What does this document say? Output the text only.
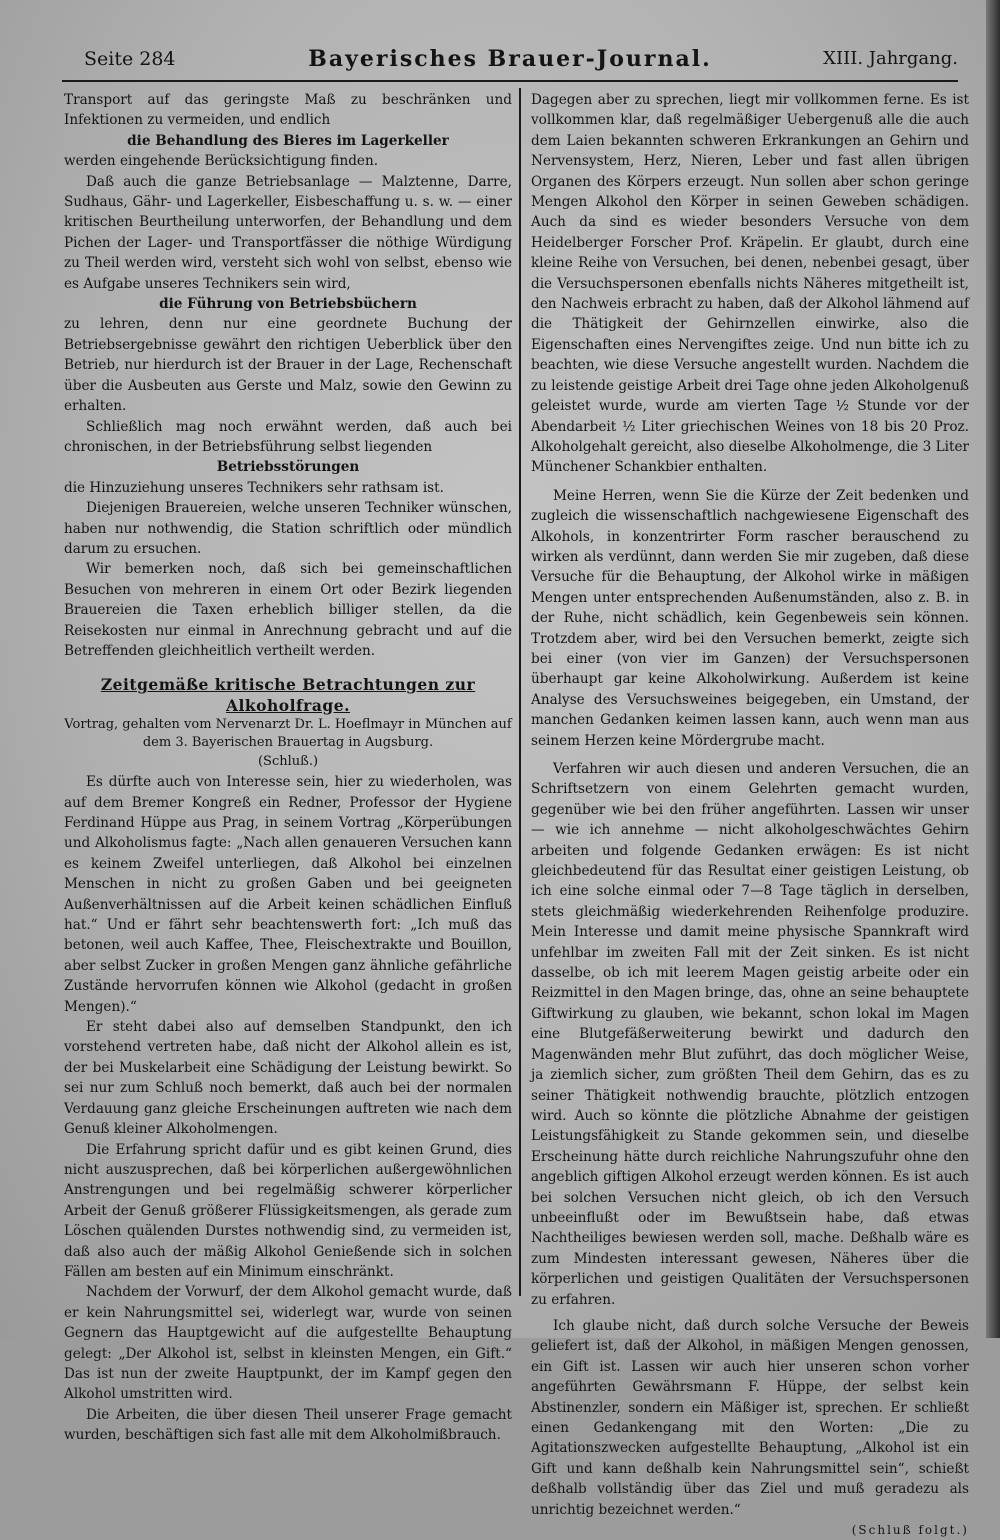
Seite 284	Bayerisches Brauer-Journal.	XIII. Jahrgang.

Transport auf das geringste Maß zu beschränken und Infektionen zu vermeiden, und endlich

die Behandlung des Bieres im Lagerkeller

werden eingehende Berücksichtigung finden.

Daß auch die ganze Betriebsanlage — Malztenne, Darre, Sudhaus, Gähr- und Lagerkeller, Eisbeschaffung u. s. w. — einer kritischen Beurtheilung unterworfen, der Behandlung und dem Pichen der Lager- und Transportfässer die nöthige Würdigung zu Theil werden wird, versteht sich wohl von selbst, ebenso wie es Aufgabe unseres Technikers sein wird,

die Führung von Betriebsbüchern

zu lehren, denn nur eine geordnete Buchung der Betriebsergebnisse gewährt den richtigen Ueberblick über den Betrieb, nur hierdurch ist der Brauer in der Lage, Rechenschaft über die Ausbeuten aus Gerste und Malz, sowie den Gewinn zu erhalten.

Schließlich mag noch erwähnt werden, daß auch bei chronischen, in der Betriebsführung selbst liegenden

Betriebsstörungen

die Hinzuziehung unseres Technikers sehr rathsam ist.

Diejenigen Brauereien, welche unseren Techniker wünschen, haben nur nothwendig, die Station schriftlich oder mündlich darum zu ersuchen.

Wir bemerken noch, daß sich bei gemeinschaftlichen Besuchen von mehreren in einem Ort oder Bezirk liegenden Brauereien die Taxen erheblich billiger stellen, da die Reisekosten nur einmal in Anrechnung gebracht und auf die Betreffenden gleichheitlich vertheilt werden.

Zeitgemäße kritische Betrachtungen zur Alkoholfrage.

Vortrag, gehalten vom Nervenarzt Dr. L. Hoeflmayr in München auf dem 3. Bayerischen Brauertag in Augsburg.

(Schluß.)

Es dürfte auch von Interesse sein, hier zu wiederholen, was auf dem Bremer Kongreß ein Redner, Professor der Hygiene Ferdinand Hüppe aus Prag, in seinem Vortrag „Körperübungen und Alkoholismus fagte: „Nach allen genaueren Versuchen kann es keinem Zweifel unterliegen, daß Alkohol bei einzelnen Menschen in nicht zu großen Gaben und bei geeigneten Außenverhältnissen auf die Arbeit keinen schädlichen Einfluß hat.“ Und er fährt sehr beachtenswerth fort: „Ich muß das betonen, weil auch Kaffee, Thee, Fleischextrakte und Bouillon, aber selbst Zucker in großen Mengen ganz ähnliche gefährliche Zustände hervorrufen können wie Alkohol (gedacht in großen Mengen).“

Er steht dabei also auf demselben Standpunkt, den ich vorstehend vertreten habe, daß nicht der Alkohol allein es ist, der bei Muskelarbeit eine Schädigung der Leistung bewirkt. So sei nur zum Schluß noch bemerkt, daß auch bei der normalen Verdauung ganz gleiche Erscheinungen auftreten wie nach dem Genuß kleiner Alkoholmengen.

Die Erfahrung spricht dafür und es gibt keinen Grund, dies nicht auszusprechen, daß bei körperlichen außergewöhnlichen Anstrengungen und bei regelmäßig schwerer körperlicher Arbeit der Genuß größerer Flüssigkeitsmengen, als gerade zum Löschen quälenden Durstes nothwendig sind, zu vermeiden ist, daß also auch der mäßig Alkohol Genießende sich in solchen Fällen am besten auf ein Minimum einschränkt.

Nachdem der Vorwurf, der dem Alkohol gemacht wurde, daß er kein Nahrungsmittel sei, widerlegt war, wurde von seinen Gegnern das Hauptgewicht auf die aufgestellte Behauptung gelegt: „Der Alkohol ist, selbst in kleinsten Mengen, ein Gift.“ Das ist nun der zweite Hauptpunkt, der im Kampf gegen den Alkohol umstritten wird.

Die Arbeiten, die über diesen Theil unserer Frage gemacht wurden, beschäftigen sich fast alle mit dem Alkoholmißbrauch.

Dagegen aber zu sprechen, liegt mir vollkommen ferne. Es ist vollkommen klar, daß regelmäßiger Uebergenuß alle die auch dem Laien bekannten schweren Erkrankungen an Gehirn und Nervensystem, Herz, Nieren, Leber und fast allen übrigen Organen des Körpers erzeugt. Nun sollen aber schon geringe Mengen Alkohol den Körper in seinen Geweben schädigen. Auch da sind es wieder besonders Versuche von dem Heidelberger Forscher Prof. Kräpelin. Er glaubt, durch eine kleine Reihe von Versuchen, bei denen, nebenbei gesagt, über die Versuchspersonen ebenfalls nichts Näheres mitgetheilt ist, den Nachweis erbracht zu haben, daß der Alkohol lähmend auf die Thätigkeit der Gehirnzellen einwirke, also die Eigenschaften eines Nervengiftes zeige. Und nun bitte ich zu beachten, wie diese Versuche angestellt wurden. Nachdem die zu leistende geistige Arbeit drei Tage ohne jeden Alkoholgenuß geleistet wurde, wurde am vierten Tage ½ Stunde vor der Abendarbeit ½ Liter griechischen Weines von 18 bis 20 Proz. Alkoholgehalt gereicht, also dieselbe Alkoholmenge, die 3 Liter Münchener Schankbier enthalten.

Meine Herren, wenn Sie die Kürze der Zeit bedenken und zugleich die wissenschaftlich nachgewiesene Eigenschaft des Alkohols, in konzentrirter Form rascher berauschend zu wirken als verdünnt, dann werden Sie mir zugeben, daß diese Versuche für die Behauptung, der Alkohol wirke in mäßigen Mengen unter entsprechenden Außenumständen, also z. B. in der Ruhe, nicht schädlich, kein Gegenbeweis sein können. Trotzdem aber, wird bei den Versuchen bemerkt, zeigte sich bei einer (von vier im Ganzen) der Versuchspersonen überhaupt gar keine Alkoholwirkung. Außerdem ist keine Analyse des Versuchsweines beigegeben, ein Umstand, der manchen Gedanken keimen lassen kann, auch wenn man aus seinem Herzen keine Mördergrube macht.

Verfahren wir auch diesen und anderen Versuchen, die an Schriftsetzern von einem Gelehrten gemacht wurden, gegenüber wie bei den früher angeführten. Lassen wir unser — wie ich annehme — nicht alkoholgeschwächtes Gehirn arbeiten und folgende Gedanken erwägen: Es ist nicht gleichbedeutend für das Resultat einer geistigen Leistung, ob ich eine solche einmal oder 7—8 Tage täglich in derselben, stets gleichmäßig wiederkehrenden Reihenfolge produzire. Mein Interesse und damit meine physische Spannkraft wird unfehlbar im zweiten Fall mit der Zeit sinken. Es ist nicht dasselbe, ob ich mit leerem Magen geistig arbeite oder ein Reizmittel in den Magen bringe, das, ohne an seine behauptete Giftwirkung zu glauben, wie bekannt, schon lokal im Magen eine Blutgefäßerweiterung bewirkt und dadurch den Magenwänden mehr Blut zuführt, das doch möglicher Weise, ja ziemlich sicher, zum größten Theil dem Gehirn, das es zu seiner Thätigkeit nothwendig brauchte, plötzlich entzogen wird. Auch so könnte die plötzliche Abnahme der geistigen Leistungsfähigkeit zu Stande gekommen sein, und dieselbe Erscheinung hätte durch reichliche Nahrungszufuhr ohne den angeblich giftigen Alkohol erzeugt werden können. Es ist auch bei solchen Versuchen nicht gleich, ob ich den Versuch unbeeinflußt oder im Bewußtsein habe, daß etwas Nachtheiliges bewiesen werden soll, mache. Deßhalb wäre es zum Mindesten interessant gewesen, Näheres über die körperlichen und geistigen Qualitäten der Versuchspersonen zu erfahren.

Ich glaube nicht, daß durch solche Versuche der Beweis geliefert ist, daß der Alkohol, in mäßigen Mengen genossen, ein Gift ist. Lassen wir auch hier unseren schon vorher angeführten Gewährsmann F. Hüppe, der selbst kein Abstinenzler, sondern ein Mäßiger ist, sprechen. Er schließt einen Gedankengang mit den Worten: „Die zu Agitationszwecken aufgestellte Behauptung, „Alkohol ist ein Gift und kann deßhalb kein Nahrungsmittel sein“, schießt deßhalb vollständig über das Ziel und muß geradezu als unrichtig bezeichnet werden.“

(Schluß folgt.)
